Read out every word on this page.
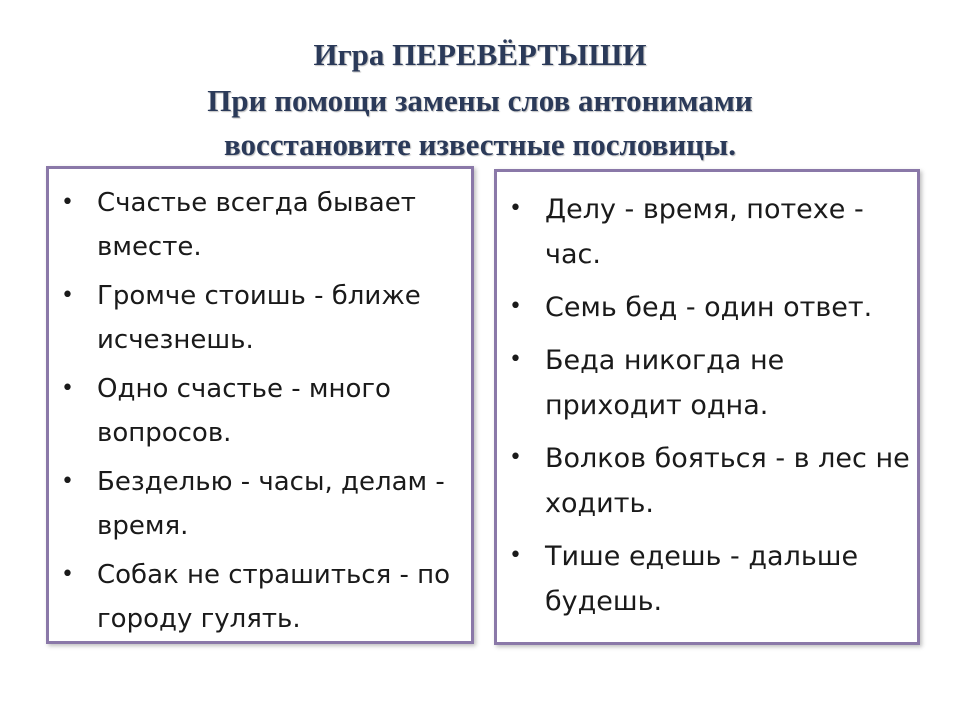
Игра ПЕРЕВЁРТЫШИ
При помощи замены слов антонимами
восстановите известные пословицы.
• Счастье всегда бывает вместе.
• Громче стоишь - ближе исчезнешь.
• Одно счастье - много вопросов.
• Безделью - часы, делам - время.
• Собак не страшиться - по городу гулять.
• Делу - время, потехе - час.
• Семь бед - один ответ.
• Беда никогда не приходит одна.
• Волков бояться - в лес не ходить.
• Тише едешь - дальше будешь.
